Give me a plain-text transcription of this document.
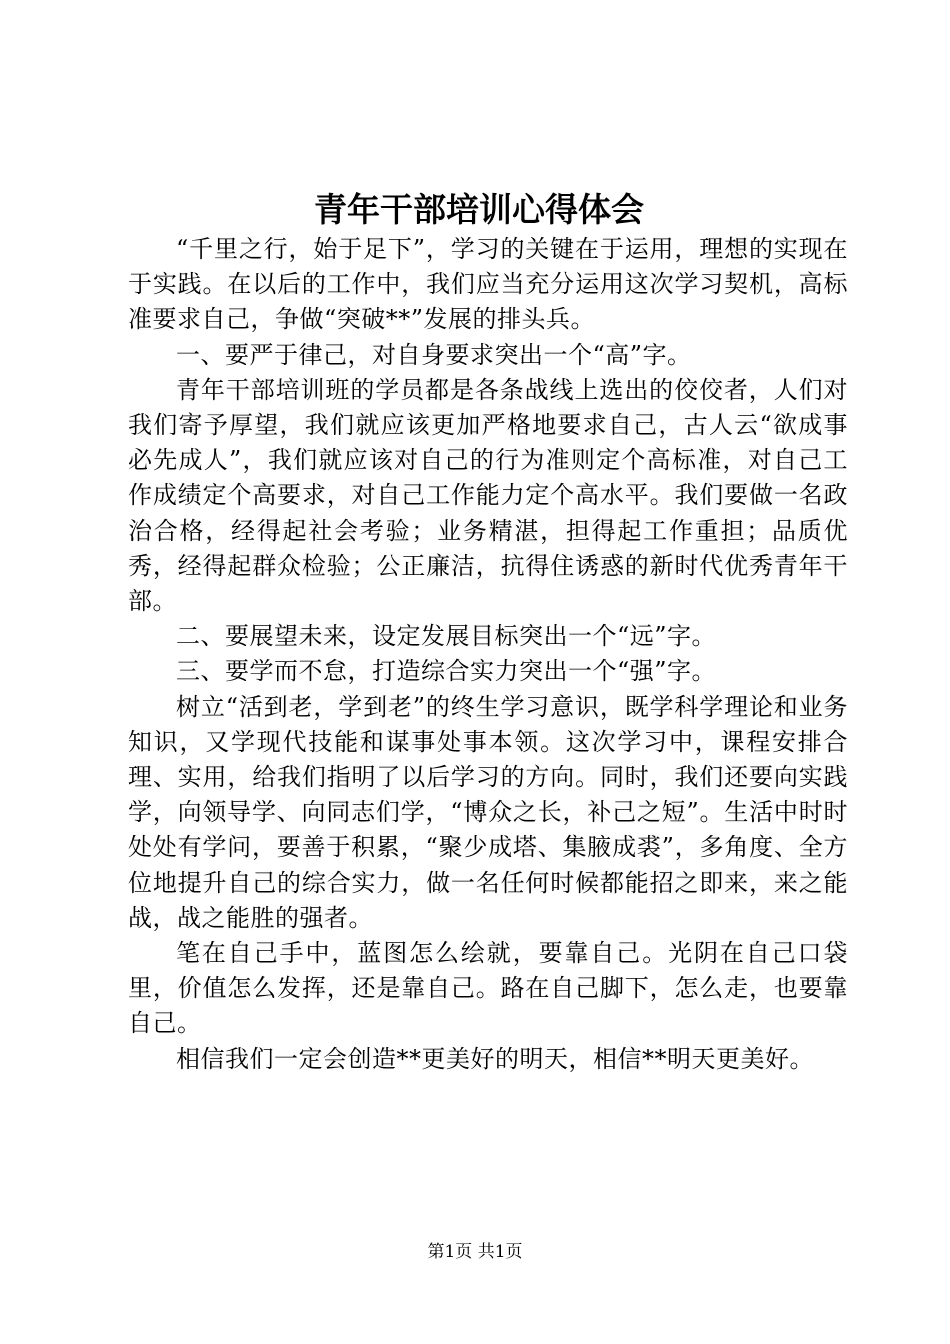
青年干部培训心得体会

“千里之行，始于足下”，学习的关键在于运用，理想的实现在于实践。在以后的工作中，我们应当充分运用这次学习契机，高标准要求自己，争做“突破**”发展的排头兵。

一、要严于律己，对自身要求突出一个“高”字。

青年干部培训班的学员都是各条战线上选出的佼佼者，人们对我们寄予厚望，我们就应该更加严格地要求自己，古人云“欲成事必先成人”，我们就应该对自己的行为准则定个高标准，对自己工作成绩定个高要求，对自己工作能力定个高水平。我们要做一名政治合格，经得起社会考验；业务精湛，担得起工作重担；品质优秀，经得起群众检验；公正廉洁，抗得住诱惑的新时代优秀青年干部。

二、要展望未来，设定发展目标突出一个“远”字。

三、要学而不怠，打造综合实力突出一个“强”字。

树立“活到老，学到老”的终生学习意识，既学科学理论和业务知识，又学现代技能和谋事处事本领。这次学习中，课程安排合理、实用，给我们指明了以后学习的方向。同时，我们还要向实践学，向领导学、向同志们学，“博众之长，补己之短”。生活中时时处处有学问，要善于积累，“聚少成塔、集腋成裘”，多角度、全方位地提升自己的综合实力，做一名任何时候都能招之即来，来之能战，战之能胜的强者。

笔在自己手中，蓝图怎么绘就，要靠自己。光阴在自己口袋里，价值怎么发挥，还是靠自己。路在自己脚下，怎么走，也要靠自己。

相信我们一定会创造**更美好的明天，相信**明天更美好。

第1页 共1页
